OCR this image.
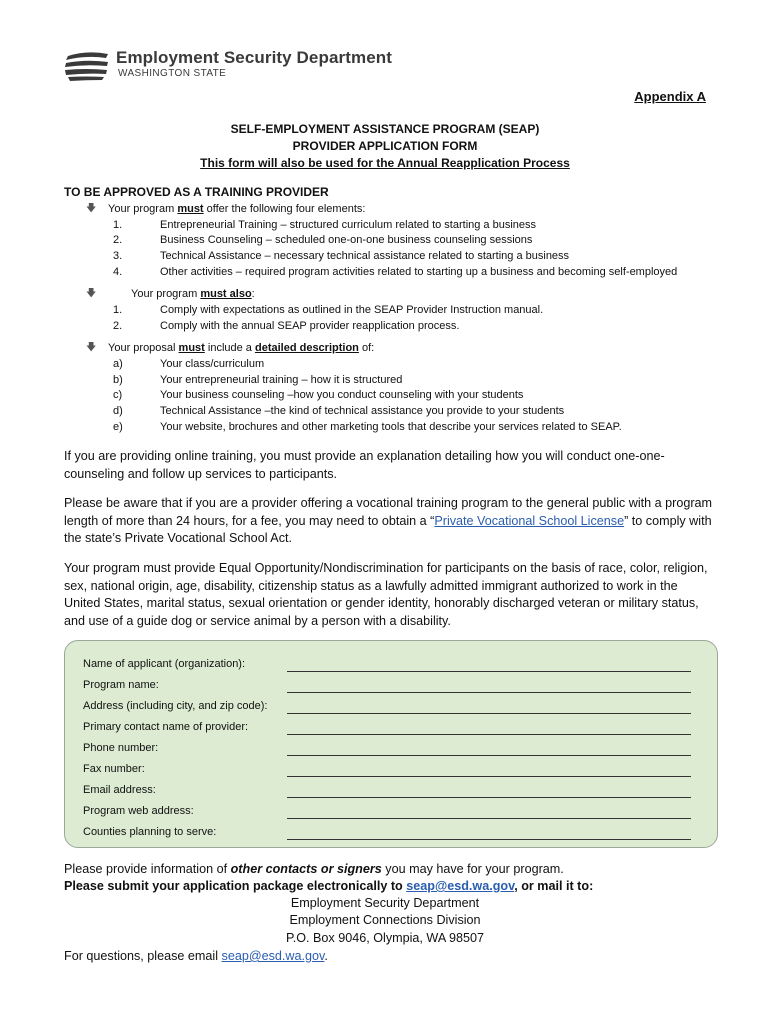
Employment Security Department
WASHINGTON STATE
Appendix A
SELF-EMPLOYMENT ASSISTANCE PROGRAM (SEAP)
PROVIDER APPLICATION FORM
This form will also be used for the Annual Reapplication Process
TO BE APPROVED AS A TRAINING PROVIDER
🡇 Your program must offer the following four elements:
1.	Entrepreneurial Training – structured curriculum related to starting a business
2.	Business Counseling – scheduled one-on-one business counseling sessions
3.	Technical Assistance – necessary technical assistance related to starting a business
4.	Other activities – required program activities related to starting up a business and becoming self-employed
🡇	Your program must also:
1.	Comply with expectations as outlined in the SEAP Provider Instruction manual.
2.	Comply with the annual SEAP provider reapplication process.
🡇 Your proposal must include a detailed description of:
a)	Your class/curriculum
b)	Your entrepreneurial training – how it is structured
c)	Your business counseling –how you conduct counseling with your students
d)	Technical Assistance –the kind of technical assistance you provide to your students
e)	Your website, brochures and other marketing tools that describe your services related to SEAP.
If you are providing online training, you must provide an explanation detailing how you will conduct one-one-counseling and follow up services to participants.
Please be aware that if you are a provider offering a vocational training program to the general public with a program length of more than 24 hours, for a fee, you may need to obtain a “Private Vocational School License” to comply with the state’s Private Vocational School Act.
Your program must provide Equal Opportunity/Nondiscrimination for participants on the basis of race, color, religion, sex, national origin, age, disability, citizenship status as a lawfully admitted immigrant authorized to work in the United States, marital status, sexual orientation or gender identity, honorably discharged veteran or military status, and use of a guide dog or service animal by a person with a disability.
Name of applicant (organization):
Program name:
Address (including city, and zip code):
Primary contact name of provider:
Phone number:
Fax number:
Email address:
Program web address:
Counties planning to serve:
Please provide information of other contacts or signers you may have for your program.
Please submit your application package electronically to seap@esd.wa.gov, or mail it to:
Employment Security Department
Employment Connections Division
P.O. Box 9046, Olympia, WA 98507
For questions, please email seap@esd.wa.gov.
